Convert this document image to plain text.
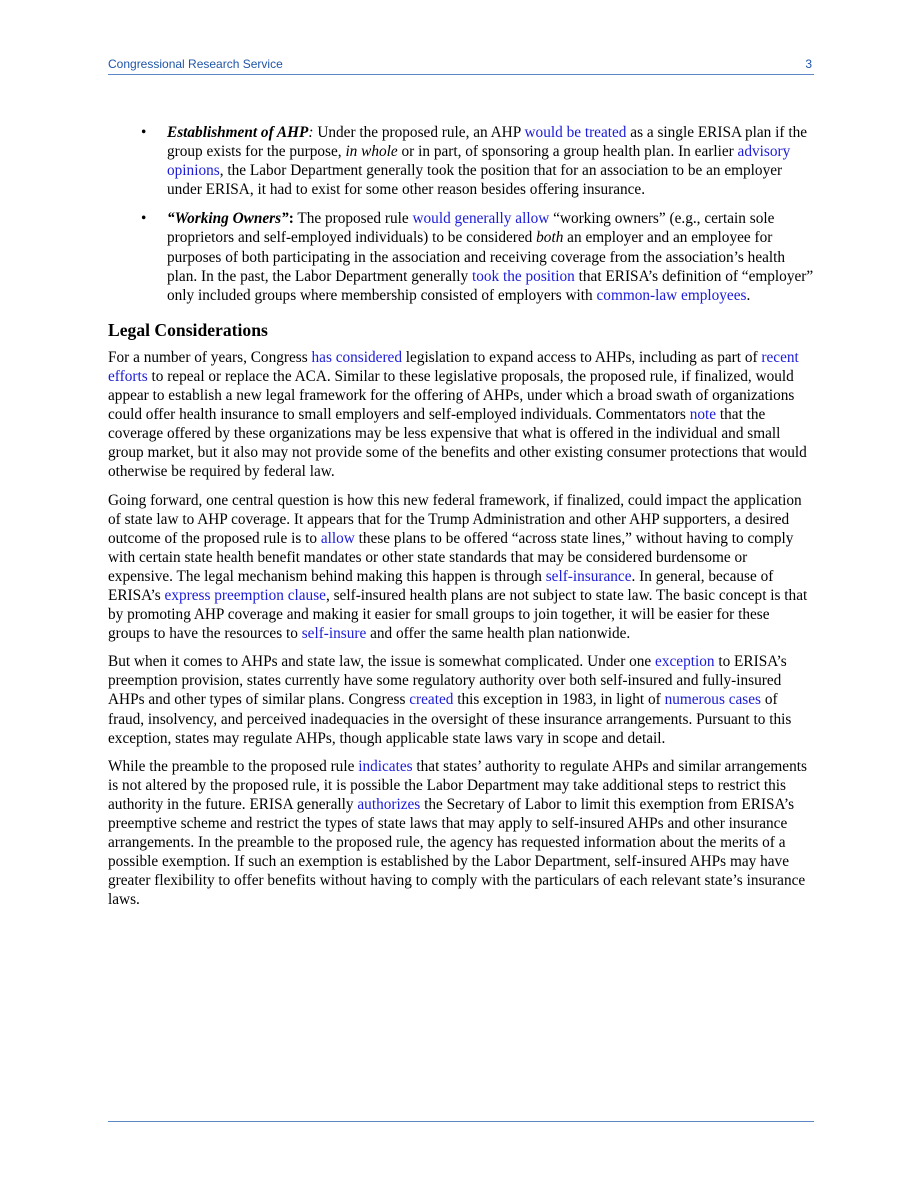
Congressional Research Service	3
• Establishment of AHP: Under the proposed rule, an AHP would be treated as a single ERISA plan if the group exists for the purpose, in whole or in part, of sponsoring a group health plan. In earlier advisory opinions, the Labor Department generally took the position that for an association to be an employer under ERISA, it had to exist for some other reason besides offering insurance.
• “Working Owners”: The proposed rule would generally allow “working owners” (e.g., certain sole proprietors and self-employed individuals) to be considered both an employer and an employee for purposes of both participating in the association and receiving coverage from the association’s health plan. In the past, the Labor Department generally took the position that ERISA’s definition of “employer” only included groups where membership consisted of employers with common-law employees.
Legal Considerations

For a number of years, Congress has considered legislation to expand access to AHPs, including as part of recent efforts to repeal or replace the ACA. Similar to these legislative proposals, the proposed rule, if finalized, would appear to establish a new legal framework for the offering of AHPs, under which a broad swath of organizations could offer health insurance to small employers and self-employed individuals. Commentators note that the coverage offered by these organizations may be less expensive that what is offered in the individual and small group market, but it also may not provide some of the benefits and other existing consumer protections that would otherwise be required by federal law.

Going forward, one central question is how this new federal framework, if finalized, could impact the application of state law to AHP coverage. It appears that for the Trump Administration and other AHP supporters, a desired outcome of the proposed rule is to allow these plans to be offered “across state lines,” without having to comply with certain state health benefit mandates or other state standards that may be considered burdensome or expensive. The legal mechanism behind making this happen is through self-insurance. In general, because of ERISA’s express preemption clause, self-insured health plans are not subject to state law. The basic concept is that by promoting AHP coverage and making it easier for small groups to join together, it will be easier for these groups to have the resources to self-insure and offer the same health plan nationwide.

But when it comes to AHPs and state law, the issue is somewhat complicated. Under one exception to ERISA’s preemption provision, states currently have some regulatory authority over both self-insured and fully-insured AHPs and other types of similar plans. Congress created this exception in 1983, in light of numerous cases of fraud, insolvency, and perceived inadequacies in the oversight of these insurance arrangements. Pursuant to this exception, states may regulate AHPs, though applicable state laws vary in scope and detail.

While the preamble to the proposed rule indicates that states’ authority to regulate AHPs and similar arrangements is not altered by the proposed rule, it is possible the Labor Department may take additional steps to restrict this authority in the future. ERISA generally authorizes the Secretary of Labor to limit this exemption from ERISA’s preemptive scheme and restrict the types of state laws that may apply to self-insured AHPs and other insurance arrangements. In the preamble to the proposed rule, the agency has requested information about the merits of a possible exemption. If such an exemption is established by the Labor Department, self-insured AHPs may have greater flexibility to offer benefits without having to comply with the particulars of each relevant state’s insurance laws.
